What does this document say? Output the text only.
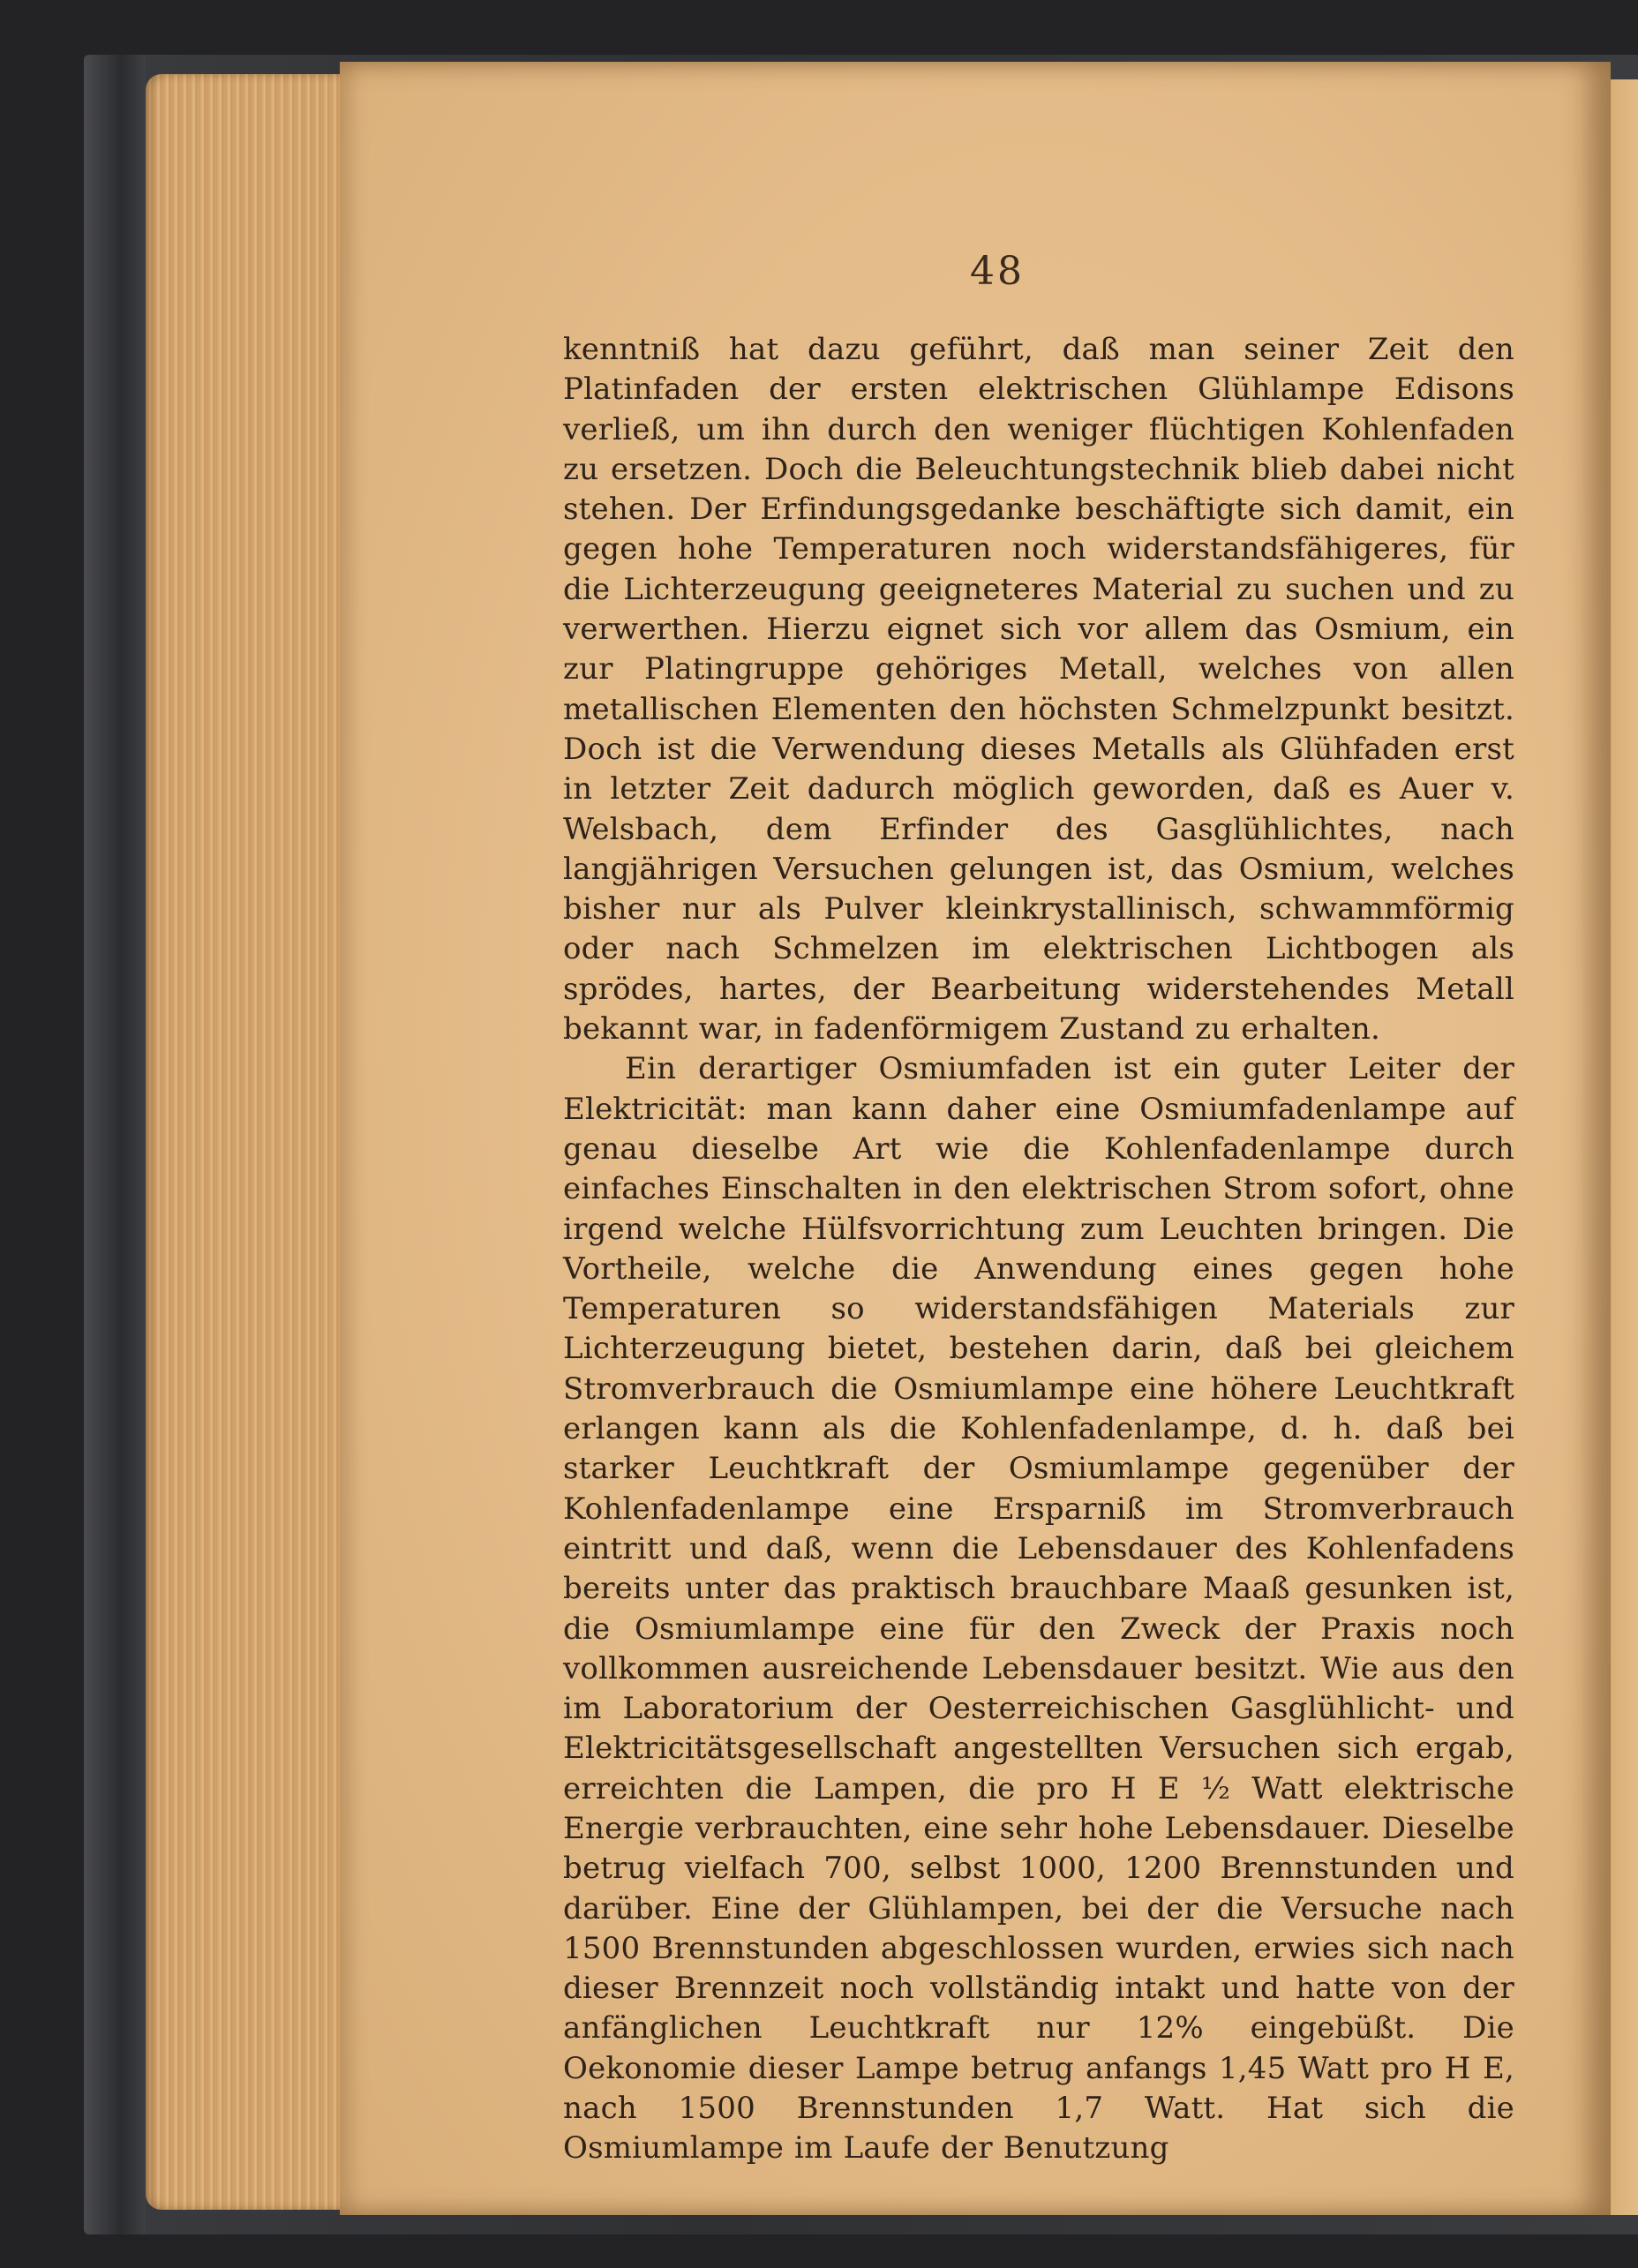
48

kenntniß hat dazu geführt, daß man seiner Zeit den Platinfaden der ersten elektrischen Glühlampe Edisons verließ, um ihn durch den weniger flüchtigen Kohlenfaden zu ersetzen. Doch die Beleuchtungstechnik blieb dabei nicht stehen. Der Erfindungsgedanke beschäftigte sich damit, ein gegen hohe Temperaturen noch widerstandsfähigeres, für die Lichterzeugung geeigneteres Material zu suchen und zu verwerthen. Hierzu eignet sich vor allem das Osmium, ein zur Platingruppe gehöriges Metall, welches von allen metallischen Elementen den höchsten Schmelzpunkt besitzt. Doch ist die Verwendung dieses Metalls als Glühfaden erst in letzter Zeit dadurch möglich geworden, daß es Auer v. Welsbach, dem Erfinder des Gasglühlichtes, nach langjährigen Versuchen gelungen ist, das Osmium, welches bisher nur als Pulver kleinkrystallinisch, schwammförmig oder nach Schmelzen im elektrischen Lichtbogen als sprödes, hartes, der Bearbeitung widerstehendes Metall bekannt war, in fadenförmigem Zustand zu erhalten.

Ein derartiger Osmiumfaden ist ein guter Leiter der Elektricität: man kann daher eine Osmiumfadenlampe auf genau dieselbe Art wie die Kohlenfadenlampe durch einfaches Einschalten in den elektrischen Strom sofort, ohne irgend welche Hülfsvorrichtung zum Leuchten bringen. Die Vortheile, welche die Anwendung eines gegen hohe Temperaturen so widerstandsfähigen Materials zur Lichterzeugung bietet, bestehen darin, daß bei gleichem Stromverbrauch die Osmiumlampe eine höhere Leuchtkraft erlangen kann als die Kohlenfadenlampe, d. h. daß bei starker Leuchtkraft der Osmiumlampe gegenüber der Kohlenfadenlampe eine Ersparniß im Stromverbrauch eintritt und daß, wenn die Lebensdauer des Kohlenfadens bereits unter das praktisch brauchbare Maaß gesunken ist, die Osmiumlampe eine für den Zweck der Praxis noch vollkommen ausreichende Lebensdauer besitzt. Wie aus den im Laboratorium der Oesterreichischen Gasglühlicht- und Elektricitätsgesellschaft angestellten Versuchen sich ergab, erreichten die Lampen, die pro H E ½ Watt elektrische Energie verbrauchten, eine sehr hohe Lebensdauer. Dieselbe betrug vielfach 700, selbst 1000, 1200 Brennstunden und darüber. Eine der Glühlampen, bei der die Versuche nach 1500 Brennstunden abgeschlossen wurden, erwies sich nach dieser Brennzeit noch vollständig intakt und hatte von der anfänglichen Leuchtkraft nur 12% eingebüßt. Die Oekonomie dieser Lampe betrug anfangs 1,45 Watt pro H E, nach 1500 Brennstunden 1,7 Watt. Hat sich die Osmiumlampe im Laufe der Benutzung
